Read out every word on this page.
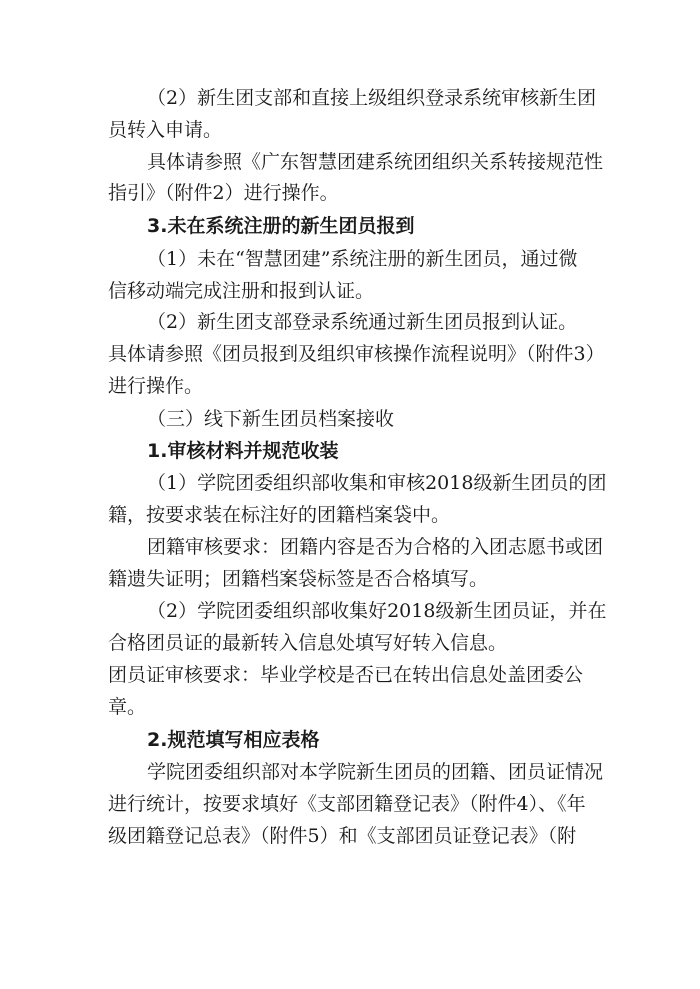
（2）新生团支部和直接上级组织登录系统审核新生团
员转入申请。
具体请参照《广东智慧团建系统团组织关系转接规范性
指引》（附件2）进行操作。
3.未在系统注册的新生团员报到
（1）未在“智慧团建”系统注册的新生团员，通过微
信移动端完成注册和报到认证。
（2）新生团支部登录系统通过新生团员报到认证。
具体请参照《团员报到及组织审核操作流程说明》（附件3）
进行操作。
（三）线下新生团员档案接收
1.审核材料并规范收装
（1）学院团委组织部收集和审核2018级新生团员的团
籍，按要求装在标注好的团籍档案袋中。
团籍审核要求：团籍内容是否为合格的入团志愿书或团
籍遗失证明；团籍档案袋标签是否合格填写。
（2）学院团委组织部收集好2018级新生团员证，并在
合格团员证的最新转入信息处填写好转入信息。
团员证审核要求：毕业学校是否已在转出信息处盖团委公
章。
2.规范填写相应表格
学院团委组织部对本学院新生团员的团籍、团员证情况
进行统计，按要求填好《支部团籍登记表》（附件4）、《年
级团籍登记总表》（附件5）和《支部团员证登记表》（附
